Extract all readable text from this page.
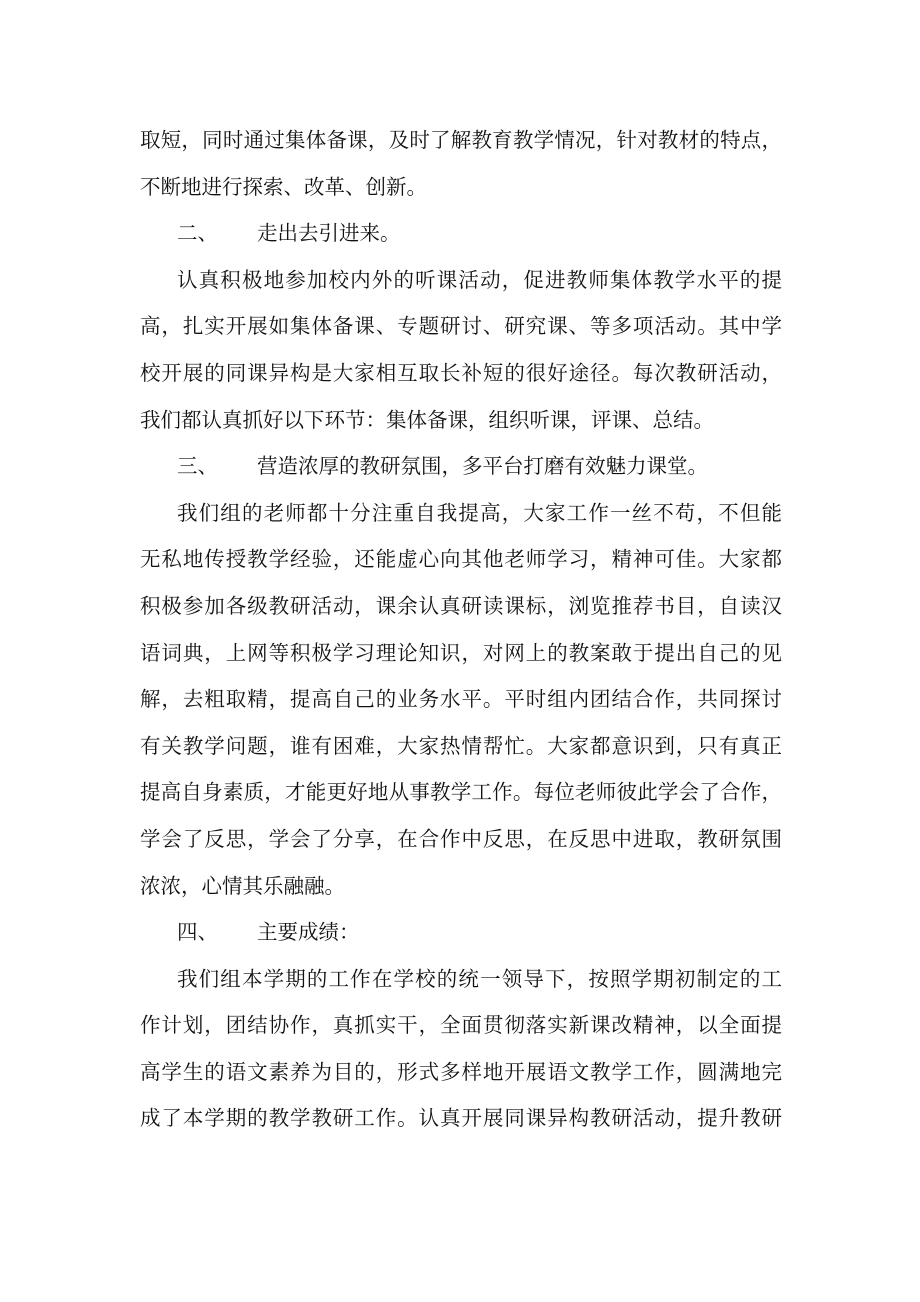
取短，同时通过集体备课，及时了解教育教学情况，针对教材的特点，
不断地进行探索、改革、创新。
二、 走出去引进来。
认真积极地参加校内外的听课活动，促进教师集体教学水平的提
高，扎实开展如集体备课、专题研讨、研究课、等多项活动。其中学
校开展的同课异构是大家相互取长补短的很好途径。每次教研活动，
我们都认真抓好以下环节：集体备课，组织听课，评课、总结。
三、 营造浓厚的教研氛围，多平台打磨有效魅力课堂。
我们组的老师都十分注重自我提高，大家工作一丝不苟，不但能
无私地传授教学经验，还能虚心向其他老师学习，精神可佳。大家都
积极参加各级教研活动，课余认真研读课标，浏览推荐书目，自读汉
语词典，上网等积极学习理论知识，对网上的教案敢于提出自己的见
解，去粗取精，提高自己的业务水平。平时组内团结合作，共同探讨
有关教学问题，谁有困难，大家热情帮忙。大家都意识到，只有真正
提高自身素质，才能更好地从事教学工作。每位老师彼此学会了合作，
学会了反思，学会了分享，在合作中反思，在反思中进取，教研氛围
浓浓，心情其乐融融。
四、 主要成绩：
我们组本学期的工作在学校的统一领导下，按照学期初制定的工
作计划，团结协作，真抓实干，全面贯彻落实新课改精神，以全面提
高学生的语文素养为目的，形式多样地开展语文教学工作，圆满地完
成了本学期的教学教研工作。认真开展同课异构教研活动，提升教研
